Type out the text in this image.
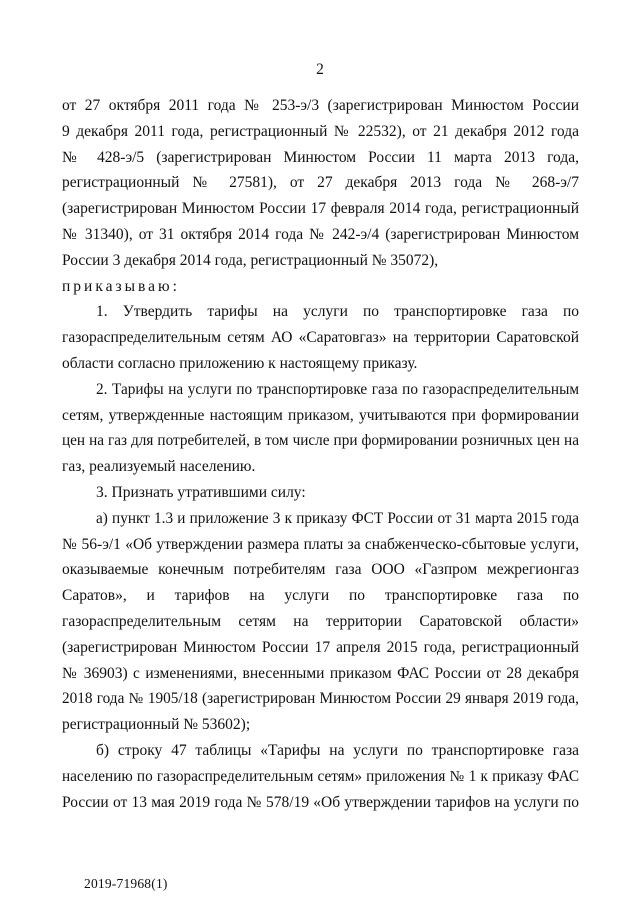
2
от 27 октября 2011 года № 253-э/3 (зарегистрирован Минюстом России
9 декабря 2011 года, регистрационный № 22532), от 21 декабря 2012 года
№ 428-э/5 (зарегистрирован Минюстом России 11 марта 2013 года,
регистрационный № 27581), от 27 декабря 2013 года № 268-э/7
(зарегистрирован Минюстом России 17 февраля 2014 года, регистрационный
№ 31340), от 31 октября 2014 года № 242-э/4 (зарегистрирован Минюстом
России 3 декабря 2014 года, регистрационный № 35072),
приказываю:
1. Утвердить тарифы на услуги по транспортировке газа по
газораспределительным сетям АО «Саратовгаз» на территории Саратовской
области согласно приложению к настоящему приказу.
2. Тарифы на услуги по транспортировке газа по газораспределительным
сетям, утвержденные настоящим приказом, учитываются при формировании
цен на газ для потребителей, в том числе при формировании розничных цен на
газ, реализуемый населению.
3. Признать утратившими силу:
а) пункт 1.3 и приложение 3 к приказу ФСТ России от 31 марта 2015 года
№ 56-э/1 «Об утверждении размера платы за снабженческо-сбытовые услуги,
оказываемые конечным потребителям газа ООО «Газпром межрегионгаз
Саратов», и тарифов на услуги по транспортировке газа по
газораспределительным сетям на территории Саратовской области»
(зарегистрирован Минюстом России 17 апреля 2015 года, регистрационный
№ 36903) с изменениями, внесенными приказом ФАС России от 28 декабря
2018 года № 1905/18 (зарегистрирован Минюстом России 29 января 2019 года,
регистрационный № 53602);
б) строку 47 таблицы «Тарифы на услуги по транспортировке газа
населению по газораспределительным сетям» приложения № 1 к приказу ФАС
России от 13 мая 2019 года № 578/19 «Об утверждении тарифов на услуги по
2019-71968(1)
